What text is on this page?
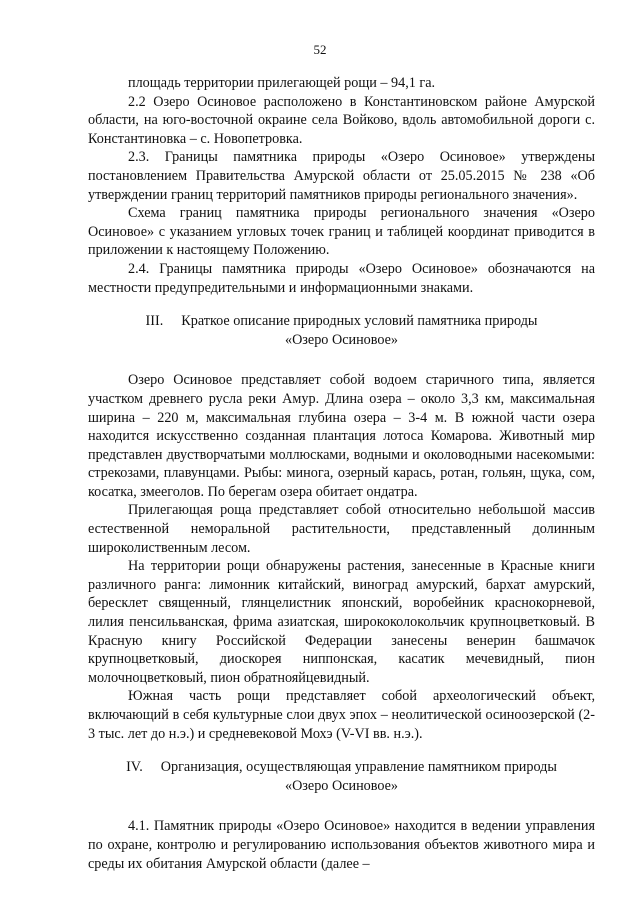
52

площадь территории прилегающей рощи – 94,1 га.

2.2 Озеро Осиновое расположено в Константиновском районе Амурской области, на юго-восточной окраине села Войково, вдоль автомобильной дороги с. Константиновка – с. Новопетровка.

2.3. Границы памятника природы «Озеро Осиновое» утверждены постановлением Правительства Амурской области от 25.05.2015 № 238 «Об утверждении границ территорий памятников природы регионального значения».

Схема границ памятника природы регионального значения «Озеро Осиновое» с указанием угловых точек границ и таблицей координат приводится в приложении к настоящему Положению.

2.4. Границы памятника природы «Озеро Осиновое» обозначаются на местности предупредительными и информационными знаками.

III. Краткое описание природных условий памятника природы
«Озеро Осиновое»

Озеро Осиновое представляет собой водоем старичного типа, является участком древнего русла реки Амур. Длина озера – около 3,3 км, максимальная ширина – 220 м, максимальная глубина озера – 3-4 м. В южной части озера находится искусственно созданная плантация лотоса Комарова. Животный мир представлен двустворчатыми моллюсками, водными и околоводными насекомыми: стрекозами, плавунцами. Рыбы: минога, озерный карась, ротан, гольян, щука, сом, косатка, змееголов. По берегам озера обитает ондатра.

Прилегающая роща представляет собой относительно небольшой массив естественной неморальной растительности, представленный долинным широколиственным лесом.

На территории рощи обнаружены растения, занесенные в Красные книги различного ранга: лимонник китайский, виноград амурский, бархат амурский, бересклет священный, глянцелистник японский, воробейник краснокорневой, лилия пенсильванская, фрима азиатская, ширококолокольчик крупноцветковый. В Красную книгу Российской Федерации занесены венерин башмачок крупноцветковый, диоскорея ниппонская, касатик мечевидный, пион молочноцветковый, пион обратнояйцевидный.

Южная часть рощи представляет собой археологический объект, включающий в себя культурные слои двух эпох – неолитической осиноозерской (2-3 тыс. лет до н.э.) и средневековой Мохэ (V-VI вв. н.э.).

IV. Организация, осуществляющая управление памятником природы
«Озеро Осиновое»

4.1. Памятник природы «Озеро Осиновое» находится в ведении управления по охране, контролю и регулированию использования объектов животного мира и среды их обитания Амурской области (далее –
